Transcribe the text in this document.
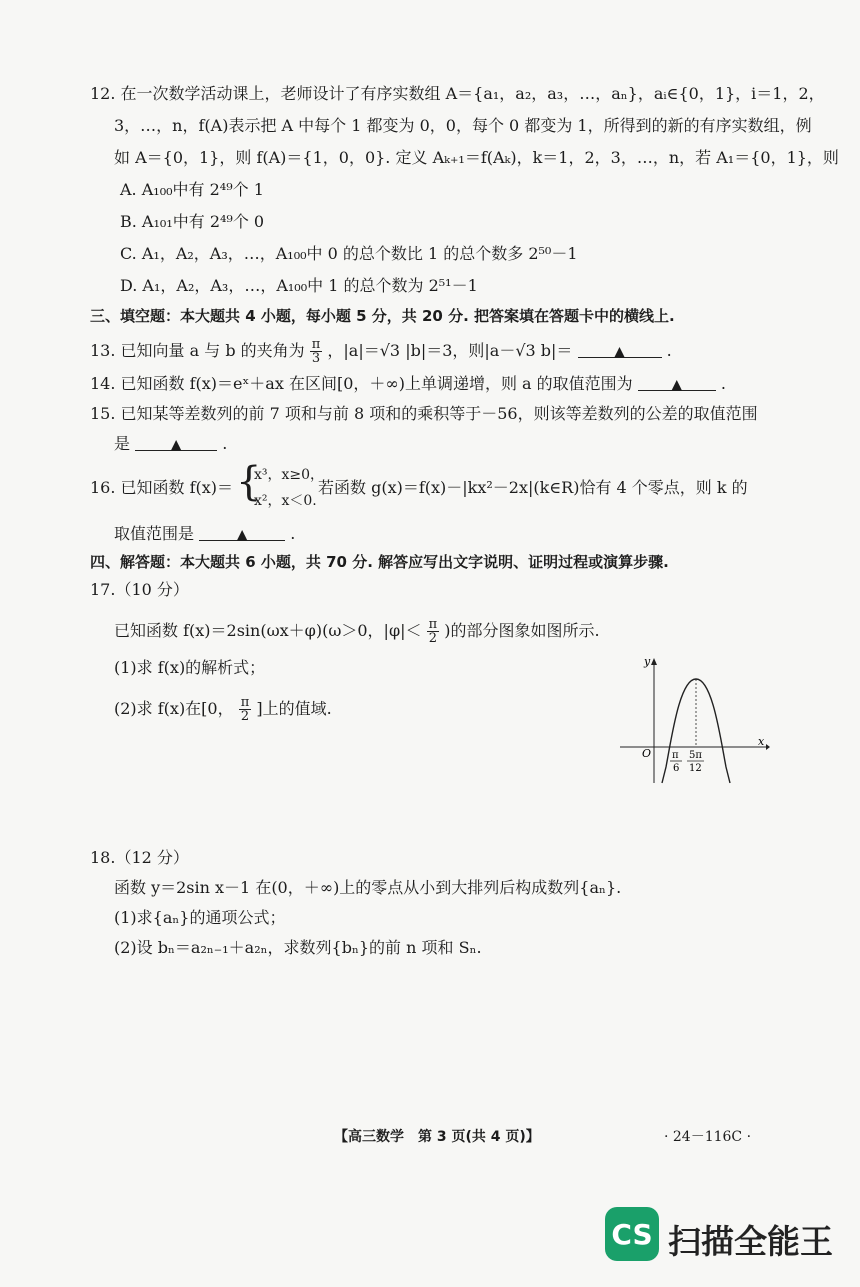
12. 在一次数学活动课上，老师设计了有序实数组 A＝{a₁，a₂，a₃，…，aₙ}，aᵢ∈{0，1}，i＝1，2，
3，…，n，f(A)表示把 A 中每个 1 都变为 0，0，每个 0 都变为 1，所得到的新的有序实数组，例
如 A＝{0，1}，则 f(A)＝{1，0，0}. 定义 Aₖ₊₁＝f(Aₖ)，k＝1，2，3，…，n，若 A₁＝{0，1}，则
A. A₁₀₀中有 2⁴⁹个 1
B. A₁₀₁中有 2⁴⁹个 0
C. A₁，A₂，A₃，…，A₁₀₀中 0 的总个数比 1 的总个数多 2⁵⁰－1
D. A₁，A₂，A₃，…，A₁₀₀中 1 的总个数为 2⁵¹－1
三、填空题：本大题共 4 小题，每小题 5 分，共 20 分. 把答案填在答题卡中的横线上.
13. 已知向量 a 与 b 的夹角为 $\frac{\pi}{3}$ ，|a|＝√3 |b|＝3，则|a－√3 b|＝	▲	.
14. 已知函数 f(x)＝eˣ＋ax 在区间[0，＋∞)上单调递增，则 a 的取值范围为	▲ .
15. 已知某等差数列的前 7 项和与前 8 项和的乘积等于－56，则该等差数列的公差的取值范围
是	▲	.
16. 已知函数 f(x)＝ {
x³，x≥0，
x²，x＜0.
若函数 g(x)＝f(x)－|kx²－2x|(k∈R)恰有 4 个零点，则 k 的
取值范围是	▲	.
四、解答题：本大题共 6 小题，共 70 分. 解答应写出文字说明、证明过程或演算步骤.
17.（10 分）
已知函数 f(x)＝2sin(ωx＋φ)(ω＞0，$|\varphi|< \frac{\pi}{2}$ )的部分图象如图所示.
(1)求 f(x)的解析式；
(2)求 f(x)在[0， $\frac{\pi}{2}$ ]上的值域.
y
x
O π
6
5π
12
18.（12 分）
函数 y＝2sin x－1 在(0，＋∞)上的零点从小到大排列后构成数列{aₙ}.
(1)求{aₙ}的通项公式；
(2)设 bₙ＝a₂ₙ₋₁＋a₂ₙ，求数列{bₙ}的前 n 项和 Sₙ.
【高三数学　第 3 页(共 4 页)】	· 24－116C ·
CS 扫描全能王
